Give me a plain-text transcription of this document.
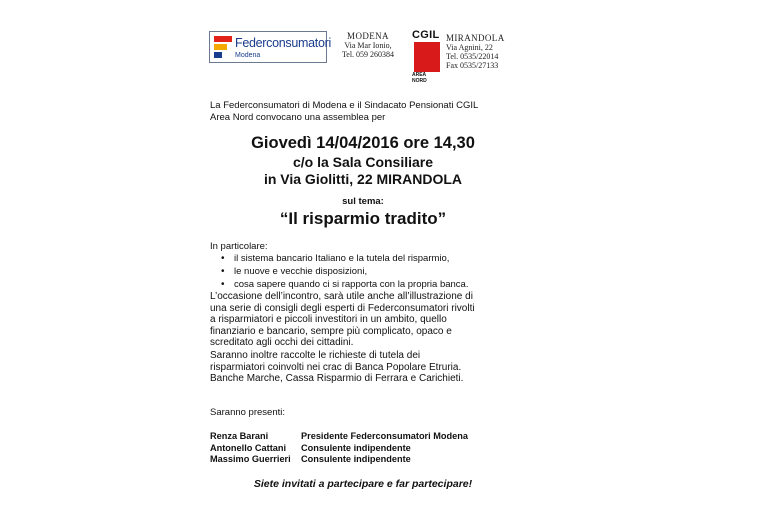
Federconsumatori
Modena
MODENA
Via Mar Ionio,
Tel. 059 260384
CGIL
AREA NORD
MIRANDOLA
Via Agnini, 22
Tel. 0535/22014
Fax 0535/27133
La Federconsumatori di Modena e il Sindacato Pensionati CGIL
Area Nord convocano una assemblea per
Giovedì 14/04/2016 ore 14,30
c/o la Sala Consiliare
in Via Giolitti, 22 MIRANDOLA
sul tema:
“Il risparmio tradito”
In particolare:
• il sistema bancario Italiano e la tutela del risparmio,
• le nuove e vecchie disposizioni,
• cosa sapere quando ci si rapporta con la propria banca.
L’occasione dell’incontro, sarà utile anche all’illustrazione di
una serie di consigli degli esperti di Federconsumatori rivolti
a risparmiatori e piccoli investitori in un ambito, quello
finanziario e bancario, sempre più complicato, opaco e
screditato agli occhi dei cittadini.
Saranno inoltre raccolte le richieste di tutela dei
risparmiatori coinvolti nei crac di Banca Popolare Etruria.
Banche Marche, Cassa Risparmio di Ferrara e Carichieti.
Saranno presenti:
Renza Barani	Presidente Federconsumatori Modena
Antonello Cattani	Consulente indipendente
Massimo Guerrieri	Consulente indipendente
Siete invitati a partecipare e far partecipare!
